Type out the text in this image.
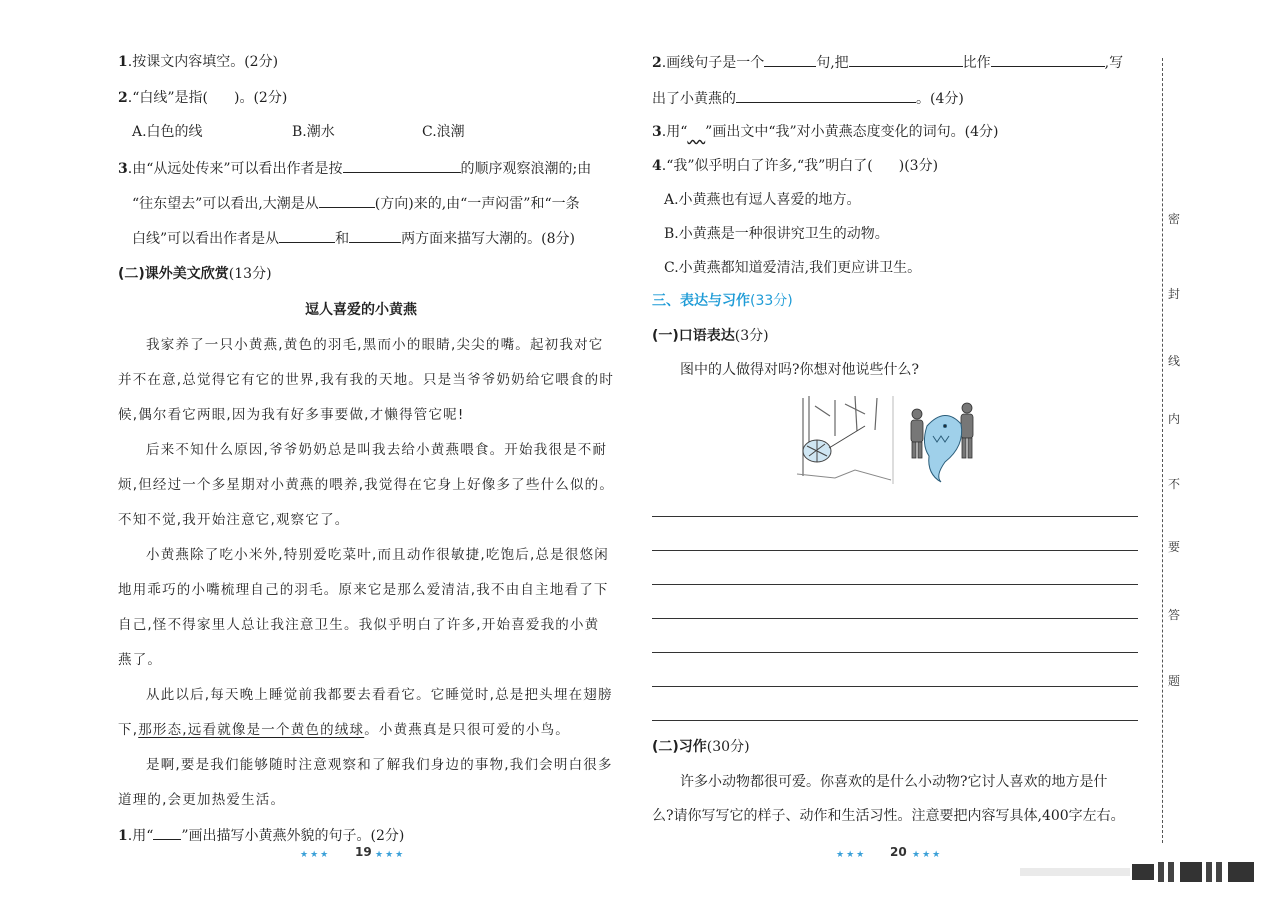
1.按课文内容填空。(2分)
2.“白线”是指( )。(2分)
A.白色的线	B.潮水	C.浪潮
3.由“从远处传来”可以看出作者是按	的顺序观察浪潮的;由
“往东望去”可以看出,大潮是从	(方向)来的,由“一声闷雷”和“一条
白线”可以看出作者是从	和	两方面来描写大潮的。(8分)
(二)课外美文欣赏(13分)
逗人喜爱的小黄燕
我家养了一只小黄燕,黄色的羽毛,黑而小的眼睛,尖尖的嘴。起初我对它
并不在意,总觉得它有它的世界,我有我的天地。只是当爷爷奶奶给它喂食的时
候,偶尔看它两眼,因为我有好多事要做,才懒得管它呢!
后来不知什么原因,爷爷奶奶总是叫我去给小黄燕喂食。开始我很是不耐
烦,但经过一个多星期对小黄燕的喂养,我觉得在它身上好像多了些什么似的。
不知不觉,我开始注意它,观察它了。
小黄燕除了吃小米外,特别爱吃菜叶,而且动作很敏捷,吃饱后,总是很悠闲
地用乖巧的小嘴梳理自己的羽毛。原来它是那么爱清洁,我不由自主地看了下
自己,怪不得家里人总让我注意卫生。我似乎明白了许多,开始喜爱我的小黄
燕了。
从此以后,每天晚上睡觉前我都要去看看它。它睡觉时,总是把头埋在翅膀
下,那形态,远看就像是一个黄色的绒球。小黄燕真是只很可爱的小鸟。
是啊,要是我们能够随时注意观察和了解我们身边的事物,我们会明白很多
道理的,会更加热爱生活。
1.用“ ”画出描写小黄燕外貌的句子。(2分)
★★★ 19 ★★★
2.画线句子是一个	句,把	比作	,写
出了小黄燕的	。(4分)
3.用“ ”画出文中“我”对小黄燕态度变化的词句。(4分)
4.“我”似乎明白了许多,“我”明白了( )(3分)
A.小黄燕也有逗人喜爱的地方。
B.小黄燕是一种很讲究卫生的动物。
C.小黄燕都知道爱清洁,我们更应讲卫生。
三、表达与习作(33分)
(一)口语表达(3分)
图中的人做得对吗?你想对他说些什么?
(二)习作(30分)
许多小动物都很可爱。你喜欢的是什么小动物?它讨人喜欢的地方是什
么?请你写写它的样子、动作和生活习性。注意要把内容写具体,400字左右。
★★★ 20 ★★★
密
封
线
内
不
要
答
题
